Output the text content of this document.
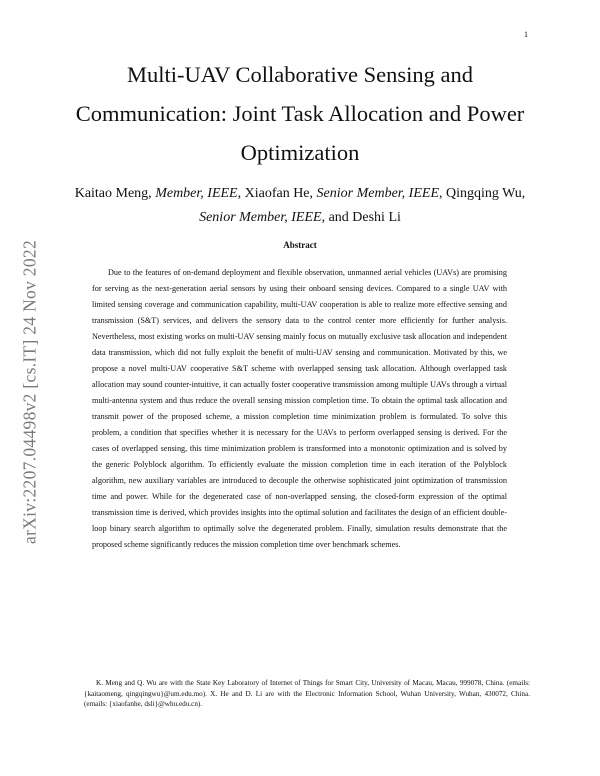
1
arXiv:2207.04498v2 [cs.IT] 24 Nov 2022
Multi-UAV Collaborative Sensing and Communication: Joint Task Allocation and Power Optimization
Kaitao Meng, Member, IEEE, Xiaofan He, Senior Member, IEEE, Qingqing Wu,
Senior Member, IEEE, and Deshi Li
Abstract

Due to the features of on-demand deployment and flexible observation, unmanned aerial vehicles (UAVs) are promising for serving as the next-generation aerial sensors by using their onboard sensing devices. Compared to a single UAV with limited sensing coverage and communication capability, multi-UAV cooperation is able to realize more effective sensing and transmission (S&T) services, and delivers the sensory data to the control center more efficiently for further analysis. Nevertheless, most existing works on multi-UAV sensing mainly focus on mutually exclusive task allocation and independent data transmission, which did not fully exploit the benefit of multi-UAV sensing and communication. Motivated by this, we propose a novel multi-UAV cooperative S&T scheme with overlapped sensing task allocation. Although overlapped task allocation may sound counter-intuitive, it can actually foster cooperative transmission among multiple UAVs through a virtual multi-antenna system and thus reduce the overall sensing mission completion time. To obtain the optimal task allocation and transmit power of the proposed scheme, a mission completion time minimization problem is formulated. To solve this problem, a condition that specifies whether it is necessary for the UAVs to perform overlapped sensing is derived. For the cases of overlapped sensing, this time minimization problem is transformed into a monotonic optimization and is solved by the generic Polyblock algorithm. To efficiently evaluate the mission completion time in each iteration of the Polyblock algorithm, new auxiliary variables are introduced to decouple the otherwise sophisticated joint optimization of transmission time and power. While for the degenerated case of non-overlapped sensing, the closed-form expression of the optimal transmission time is derived, which provides insights into the optimal solution and facilitates the design of an efficient double-loop binary search algorithm to optimally solve the degenerated problem. Finally, simulation results demonstrate that the proposed scheme significantly reduces the mission completion time over benchmark schemes.

K. Meng and Q. Wu are with the State Key Laboratory of Internet of Things for Smart City, University of Macau, Macau, 999078, China. (emails: {kaitaomeng, qingqingwu}@um.edu.mo). X. He and D. Li are with the Electronic Information School, Wuhan University, Wuhan, 430072, China. (emails: {xiaofanhe, dsli}@whu.edu.cn).
